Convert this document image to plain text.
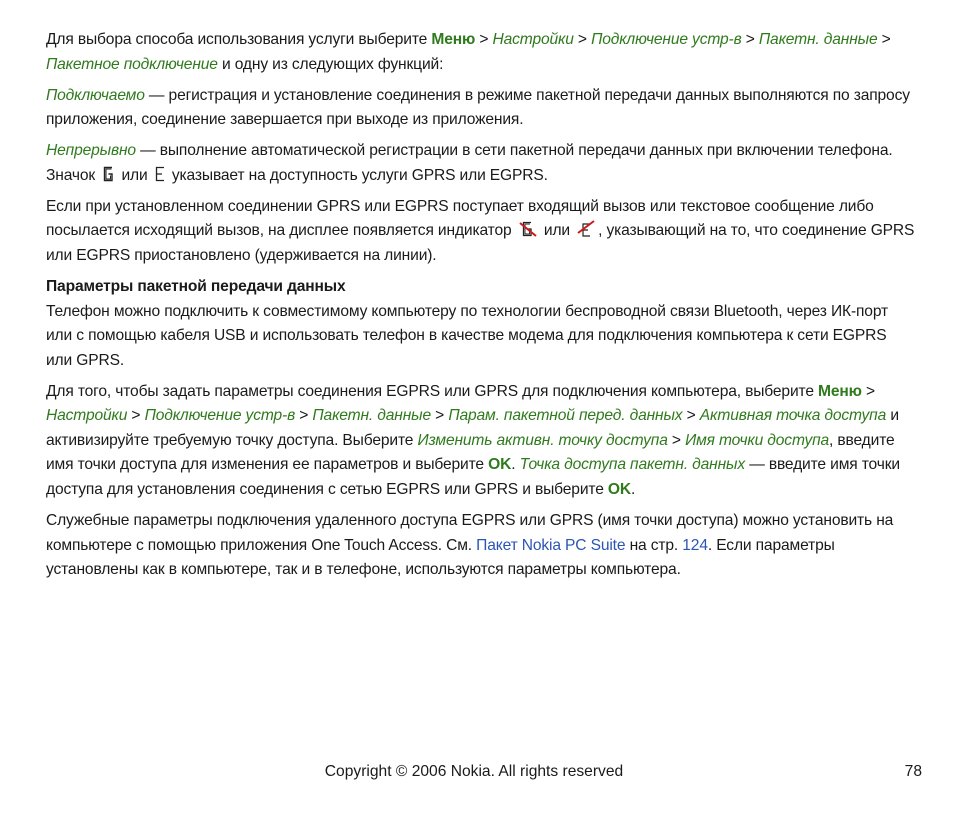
Для выбора способа использования услуги выберите Меню > Настройки > Подключение устр-в > Пакетн. данные > Пакетное подключение и одну из следующих функций:

Подключаемо — регистрация и установление соединения в режиме пакетной передачи данных выполняются по запросу приложения, соединение завершается при выходе из приложения.

Непрерывно — выполнение автоматической регистрации в сети пакетной передачи данных при включении телефона. Значок  или  указывает на доступность услуги GPRS или EGPRS.

Если при установленном соединении GPRS или EGPRS поступает входящий вызов или текстовое сообщение либо посылается исходящий вызов, на дисплее появляется индикатор  или , указывающий на то, что соединение GPRS или EGPRS приостановлено (удерживается на линии).

Параметры пакетной передачи данных

Телефон можно подключить к совместимому компьютеру по технологии беспроводной связи Bluetooth, через ИК-порт или с помощью кабеля USB и использовать телефон в качестве модема для подключения компьютера к сети EGPRS или GPRS.

Для того, чтобы задать параметры соединения EGPRS или GPRS для подключения компьютера, выберите Меню > Настройки > Подключение устр-в > Пакетн. данные > Парам. пакетной перед. данных > Активная точка доступа и активизируйте требуемую точку доступа. Выберите Изменить активн. точку доступа > Имя точки доступа, введите имя точки доступа для изменения ее параметров и выберите OK. Точка доступа пакетн. данных — введите имя точки доступа для установления соединения с сетью EGPRS или GPRS и выберите OK.

Служебные параметры подключения удаленного доступа EGPRS или GPRS (имя точки доступа) можно установить на компьютере с помощью приложения One Touch Access. См. Пакет Nokia PC Suite на стр. 124. Если параметры установлены как в компьютере, так и в телефоне, используются параметры компьютера.

Copyright © 2006 Nokia. All rights reserved	78
